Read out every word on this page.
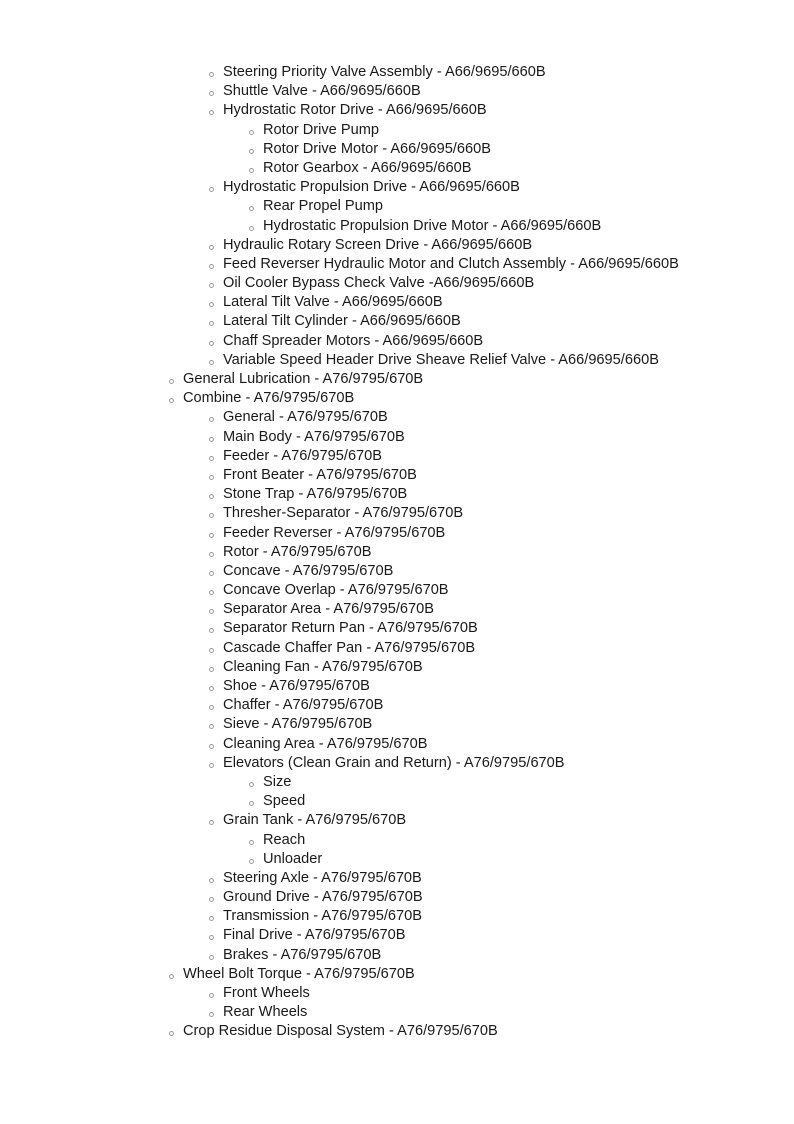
Steering Priority Valve Assembly - A66/9695/660B
Shuttle Valve - A66/9695/660B
Hydrostatic Rotor Drive - A66/9695/660B
Rotor Drive Pump
Rotor Drive Motor - A66/9695/660B
Rotor Gearbox - A66/9695/660B
Hydrostatic Propulsion Drive - A66/9695/660B
Rear Propel Pump
Hydrostatic Propulsion Drive Motor - A66/9695/660B
Hydraulic Rotary Screen Drive - A66/9695/660B
Feed Reverser Hydraulic Motor and Clutch Assembly - A66/9695/660B
Oil Cooler Bypass Check Valve -A66/9695/660B
Lateral Tilt Valve - A66/9695/660B
Lateral Tilt Cylinder - A66/9695/660B
Chaff Spreader Motors - A66/9695/660B
Variable Speed Header Drive Sheave Relief Valve - A66/9695/660B
General Lubrication - A76/9795/670B
Combine - A76/9795/670B
General - A76/9795/670B
Main Body - A76/9795/670B
Feeder - A76/9795/670B
Front Beater - A76/9795/670B
Stone Trap - A76/9795/670B
Thresher-Separator - A76/9795/670B
Feeder Reverser - A76/9795/670B
Rotor - A76/9795/670B
Concave - A76/9795/670B
Concave Overlap - A76/9795/670B
Separator Area - A76/9795/670B
Separator Return Pan - A76/9795/670B
Cascade Chaffer Pan - A76/9795/670B
Cleaning Fan - A76/9795/670B
Shoe - A76/9795/670B
Chaffer - A76/9795/670B
Sieve - A76/9795/670B
Cleaning Area - A76/9795/670B
Elevators (Clean Grain and Return) - A76/9795/670B
Size
Speed
Grain Tank - A76/9795/670B
Reach
Unloader
Steering Axle - A76/9795/670B
Ground Drive - A76/9795/670B
Transmission - A76/9795/670B
Final Drive - A76/9795/670B
Brakes - A76/9795/670B
Wheel Bolt Torque - A76/9795/670B
Front Wheels
Rear Wheels
Crop Residue Disposal System - A76/9795/670B
